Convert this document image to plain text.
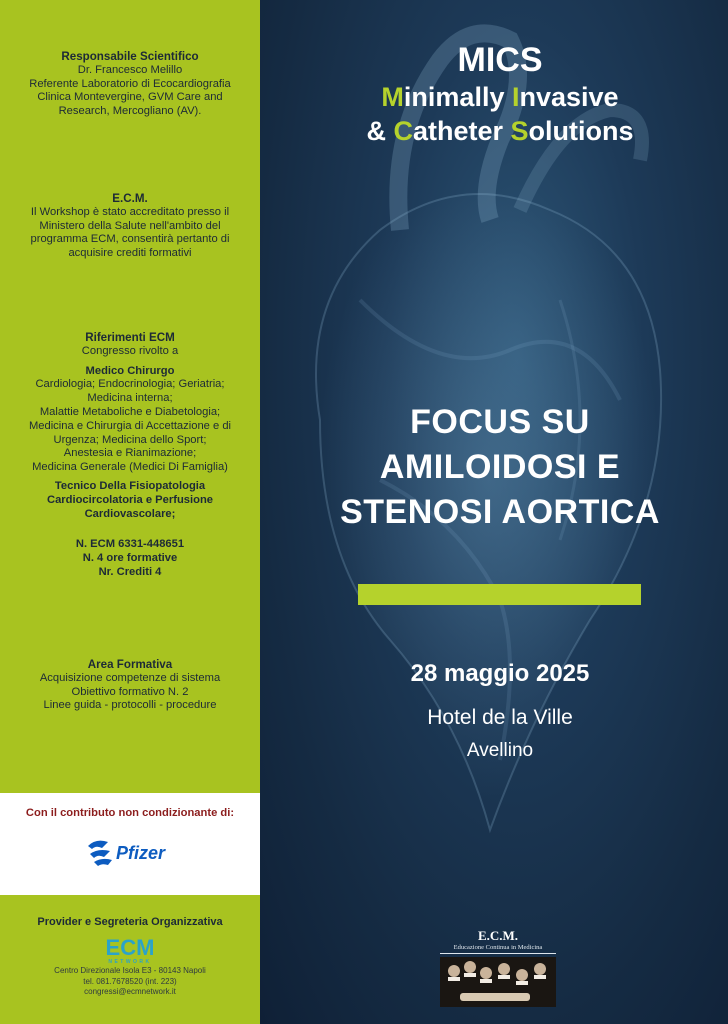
Responsabile Scientifico
Dr. Francesco Melillo
Referente Laboratorio di Ecocardiografia
Clinica Montevergine, GVM Care and
Research, Mercogliano (AV).
E.C.M.
Il Workshop è stato accreditato presso il
Ministero della Salute nell'ambito del
programma ECM, consentirà pertanto di
acquisire crediti formativi
Riferimenti ECM
Congresso rivolto a
Medico Chirurgo
Cardiologia; Endocrinologia; Geriatria;
Medicina interna;
Malattie Metaboliche e Diabetologia;
Medicina e Chirurgia di Accettazione e di
Urgenza; Medicina dello Sport;
Anestesia e Rianimazione;
Medicina Generale (Medici Di Famiglia)
Tecnico Della Fisiopatologia
Cardiocircolatoria e Perfusione
Cardiovascolare;
N. ECM 6331-448651
N. 4 ore formative
Nr. Crediti 4
Area Formativa
Acquisizione competenze di sistema
Obiettivo formativo N. 2
Linee guida - protocolli - procedure
Con il contributo non condizionante di:
Pfizer
Provider e Segreteria Organizzativa
ECM
NETWORK
Centro Direzionale Isola E3 - 80143 Napoli
tel. 081.7678520 (int. 223)
congressi@ecmnetwork.it
MICS
Minimally Invasive
& Catheter Solutions
FOCUS SU
AMILOIDOSI E
STENOSI AORTICA
28 maggio 2025
Hotel de la Ville
Avellino
E.C.M.
Educazione Continua in Medicina
